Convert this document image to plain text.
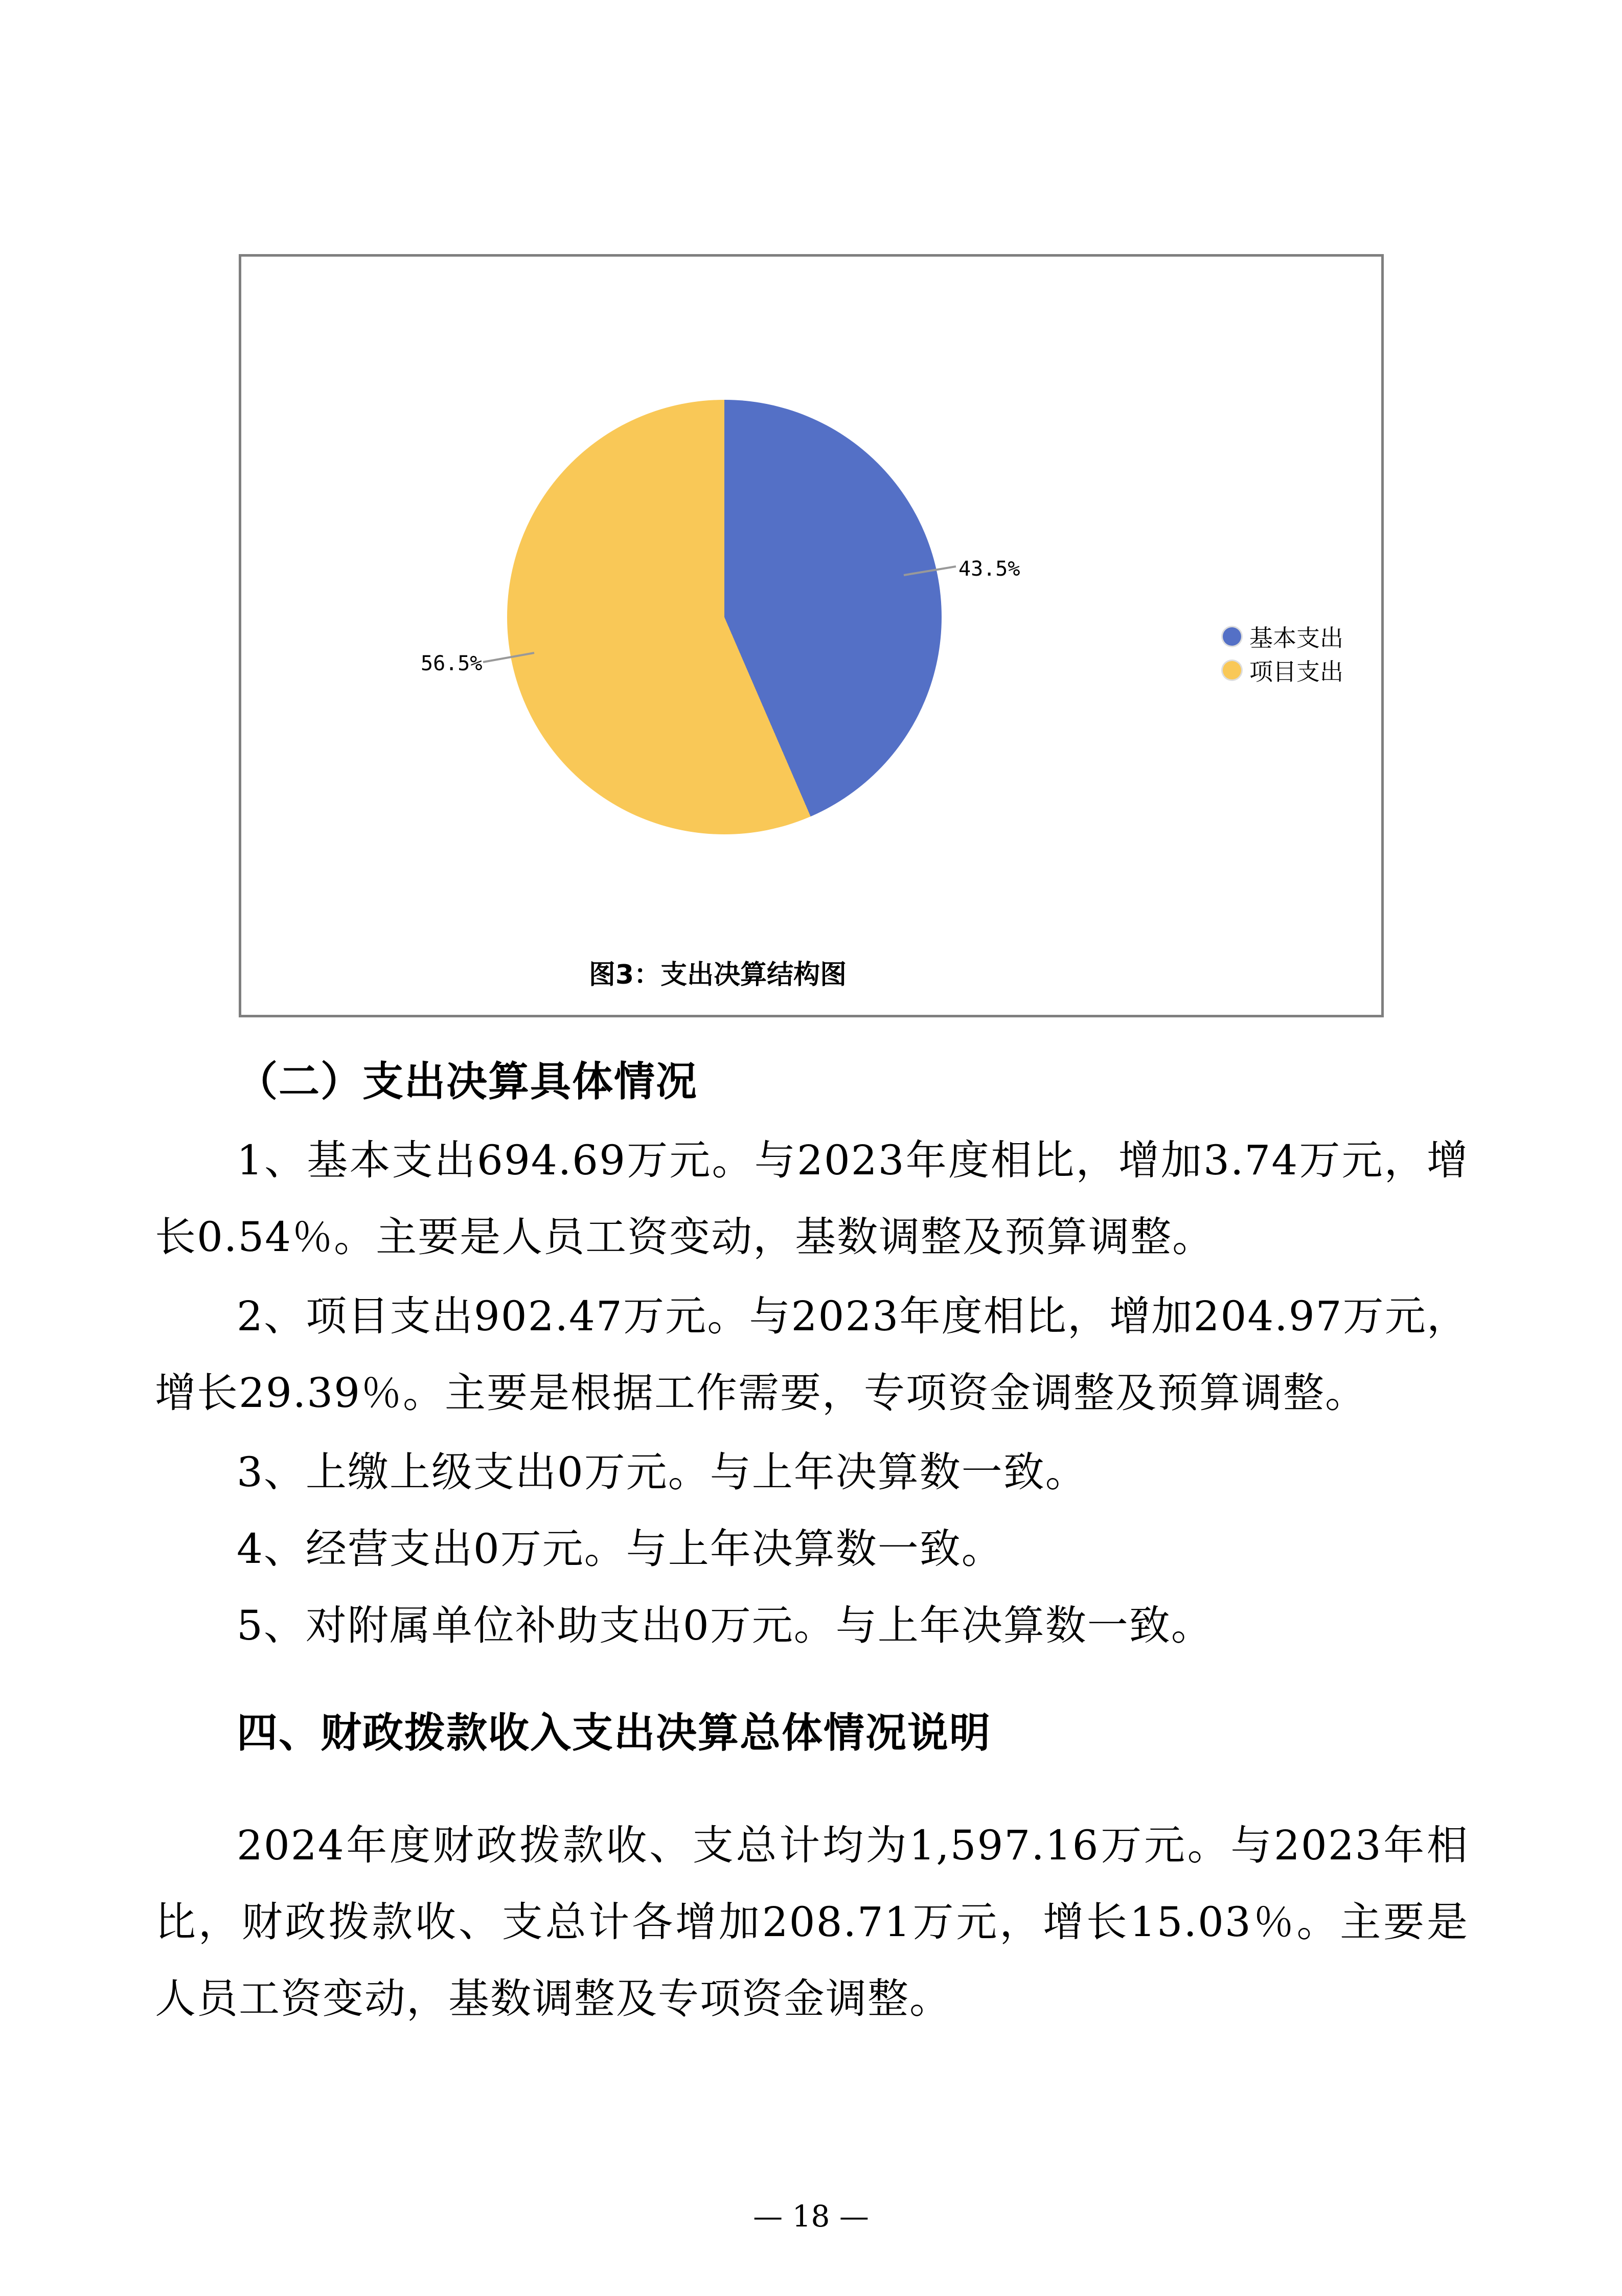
43.5%
56.5%
基本支出
项目支出
图3：支出决算结构图
（二）支出决算具体情况

1、基本支出694.69万元。与2023年度相比，增加3.74万元，增长0.54％。主要是人员工资变动，基数调整及预算调整。

2、项目支出902.47万元。与2023年度相比，增加204.97万元，增长29.39％。主要是根据工作需要，专项资金调整及预算调整。

3、上缴上级支出0万元。与上年决算数一致。

4、经营支出0万元。与上年决算数一致。

5、对附属单位补助支出0万元。与上年决算数一致。

四、财政拨款收入支出决算总体情况说明

2024年度财政拨款收、支总计均为1,597.16万元。与2023年相比，财政拨款收、支总计各增加208.71万元，增长15.03％。主要是人员工资变动，基数调整及专项资金调整。

— 18 —
